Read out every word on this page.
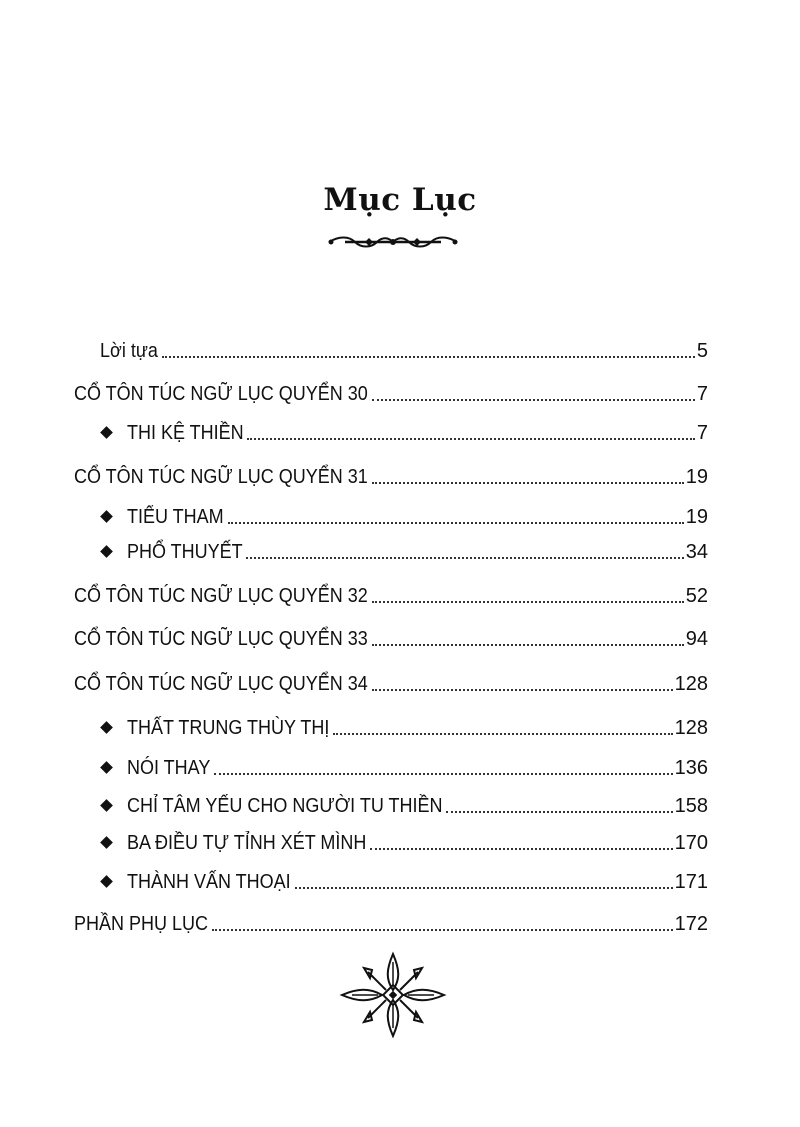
Mục Lục
Lời tựa	5
CỔ TÔN TÚC NGỮ LỤC QUYỂN 30	7
THI KỆ THIỀN	7
CỔ TÔN TÚC NGỮ LỤC QUYỂN 31	19
TIỂU THAM	19
PHỔ THUYẾT	34
CỔ TÔN TÚC NGỮ LỤC QUYỂN 32	52
CỔ TÔN TÚC NGỮ LỤC QUYỂN 33	94
CỔ TÔN TÚC NGỮ LỤC QUYỂN 34	128
THẤT TRUNG THÙY THỊ	128
NÓI THAY	136
CHỈ TÂM YẾU CHO NGƯỜI TU THIỀN	158
BA ĐIỀU TỰ TỈNH XÉT MÌNH	170
THÀNH VẤN THOẠI	171
PHẦN PHỤ LỤC	172
